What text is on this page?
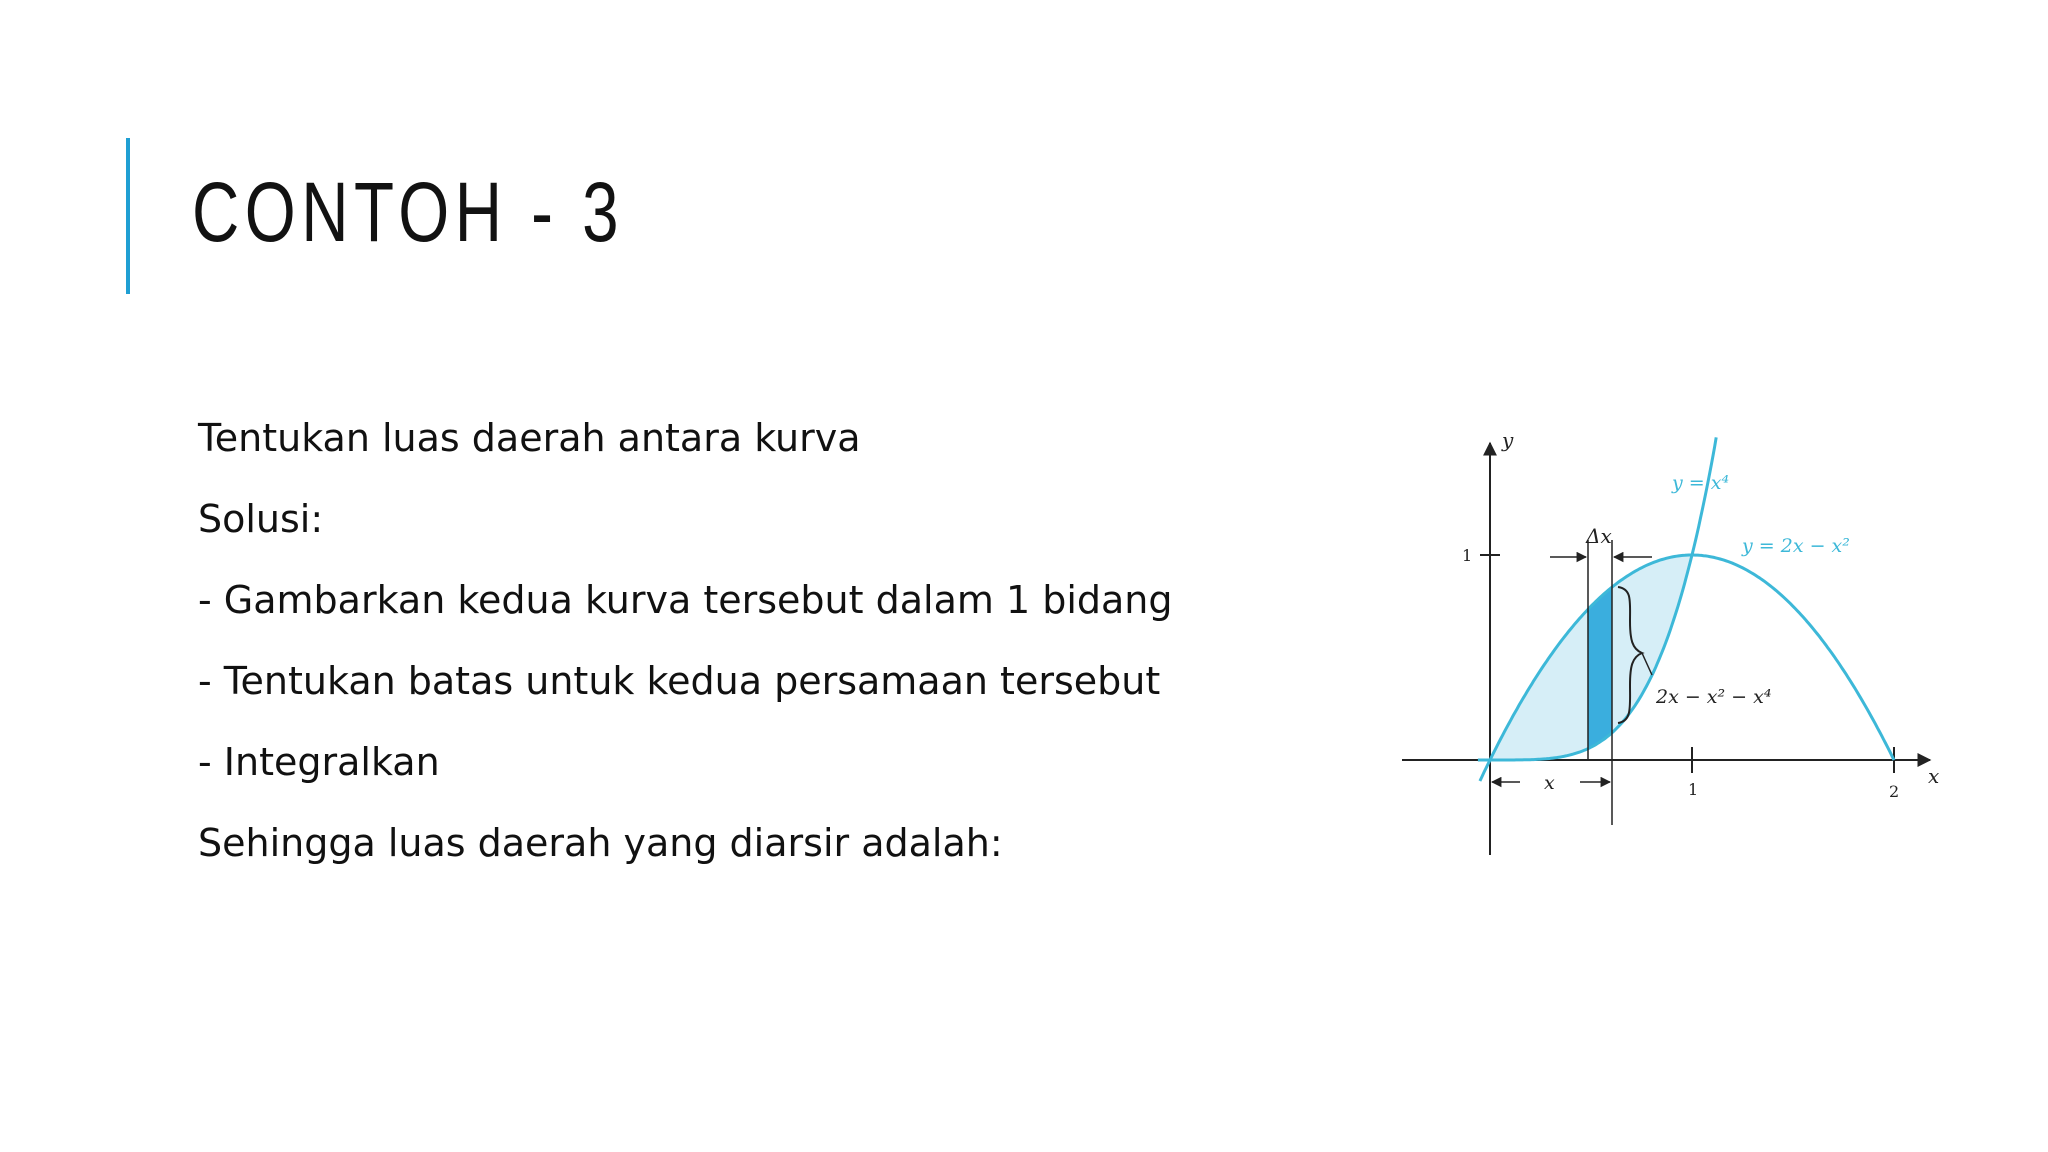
CONTOH - 3
Tentukan luas daerah antara kurva
Solusi:
- Gambarkan kedua kurva tersebut dalam 1 bidang
- Tentukan batas untuk kedua persamaan tersebut
- Integralkan
Sehingga luas daerah yang diarsir adalah:
y
x
1
1	2
y = x⁴
y = 2x − x²
Δx
x
2x − x² − x⁴
